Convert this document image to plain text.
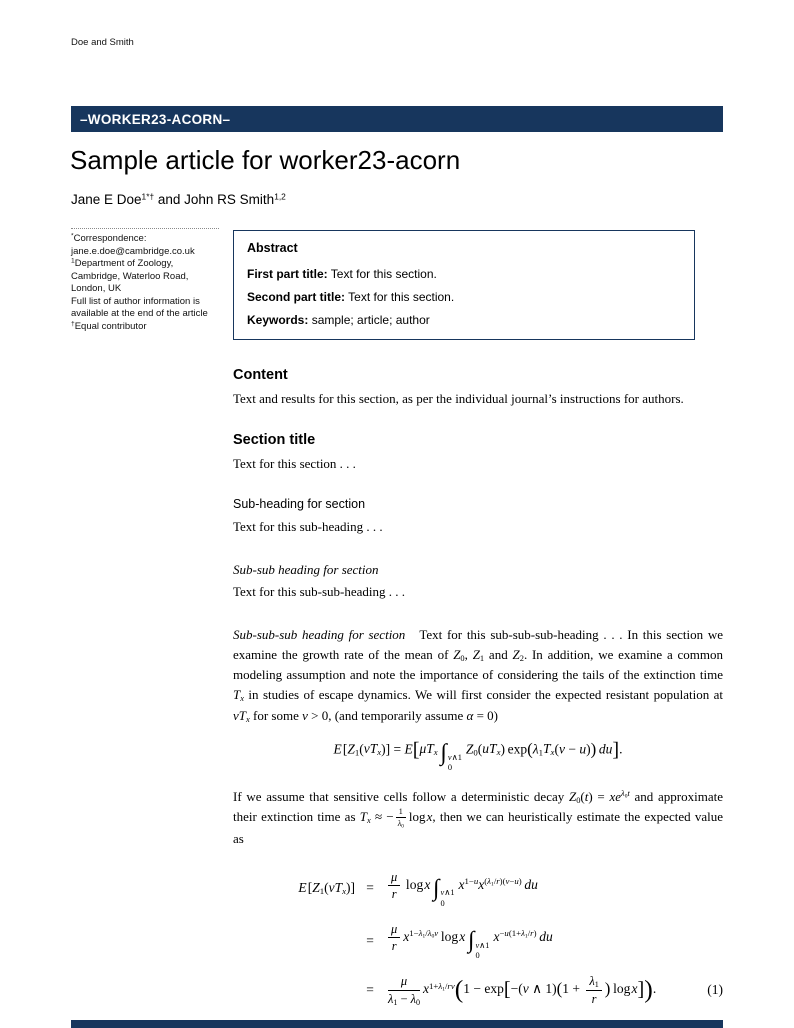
Doe and Smith
–WORKER23-ACORN–
Sample article for worker23-acorn
Jane E Doe$^{1*\dagger}$ and John RS Smith$^{1,2}$
*Correspondence:
jane.e.doe@cambridge.co.uk
$^1$Department of Zoology,
Cambridge, Waterloo Road,
London, UK
Full list of author information is
available at the end of the article
†Equal contributor
Abstract

First part title: Text for this section.

Second part title: Text for this section.

Keywords: sample; article; author

Content

Text and results for this section, as per the individual journal’s instructions for authors.

Section title

Text for this section . . .

Sub-heading for section

Text for this sub-heading . . .

Sub-sub heading for section

Text for this sub-sub-heading . . .

Sub-sub-sub heading for section Text for this sub-sub-sub-heading . . . In this section we examine the growth rate of the mean of $Z_0$, $Z_1$ and $Z_2$. In addition, we examine a common modeling assumption and note the importance of considering the tails of the extinction time $T_x$ in studies of escape dynamics. We will first consider the expected resistant population at $vT_x$ for some v > 0, (and temporarily assume α = 0)

E $[Z_1(vT_x)] = E[\mu T_x$  ∫ v∧1
0
$Z_0(uT_x) \exp(\lambda_1T_x(v - u))$  du].

If we assume that sensitive cells follow a deterministic decay $Z_0(t) = xe^{\lambda_0t}$ and approximate their extinction time as $T_x$ ≈ − $\frac{1}{\lambda_0}$  log x, then we can heuristically estimate the expected value as

E $[Z_1(vT_x)]$	=	$\frac{\mu}{r}$  log x  ∫ v∧1
0
$x^{1-u}x^{(\lambda_1/r)(v-u)}$  du	
	=	$\frac{\mu}{r} x^{1-\lambda_1/\lambda_0v}$ log x  ∫ v∧1
0
$x^{-u(1+\lambda_1/r)}$  du	
	=	$\frac{\mu}{\lambda_1 - \lambda_0} x^{1+\lambda_1/rv}(1 - \exp[-(v$ ∧ $1)(1 + \frac{\lambda_1}{r}$ ) log x]).	(1)
